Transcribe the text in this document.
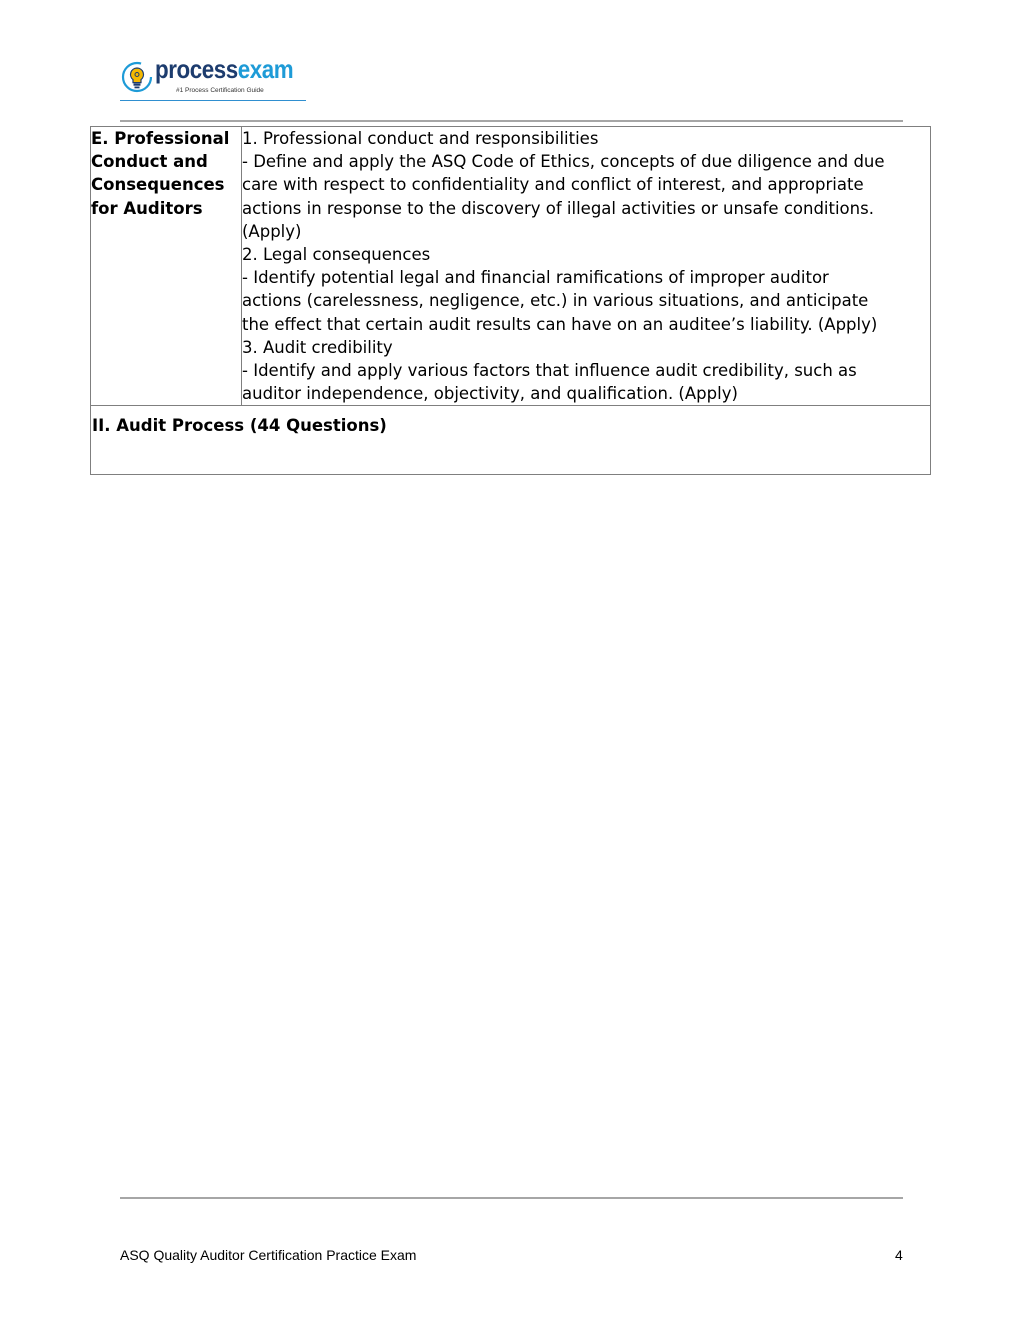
processexam
#1 Process Certification Guide
E. Professional Conduct and Consequences for Auditors

1. Professional conduct and responsibilities
- Define and apply the ASQ Code of Ethics, concepts of due diligence and due
care with respect to confidentiality and conflict of interest, and appropriate
actions in response to the discovery of illegal activities or unsafe conditions.
(Apply)
2. Legal consequences
- Identify potential legal and financial ramifications of improper auditor
actions (carelessness, negligence, etc.) in various situations, and anticipate
the effect that certain audit results can have on an auditee’s liability. (Apply)
3. Audit credibility
- Identify and apply various factors that influence audit credibility, such as
auditor independence, objectivity, and qualification. (Apply)

II. Audit Process (44 Questions)
ASQ Quality Auditor Certification Practice Exam	4
